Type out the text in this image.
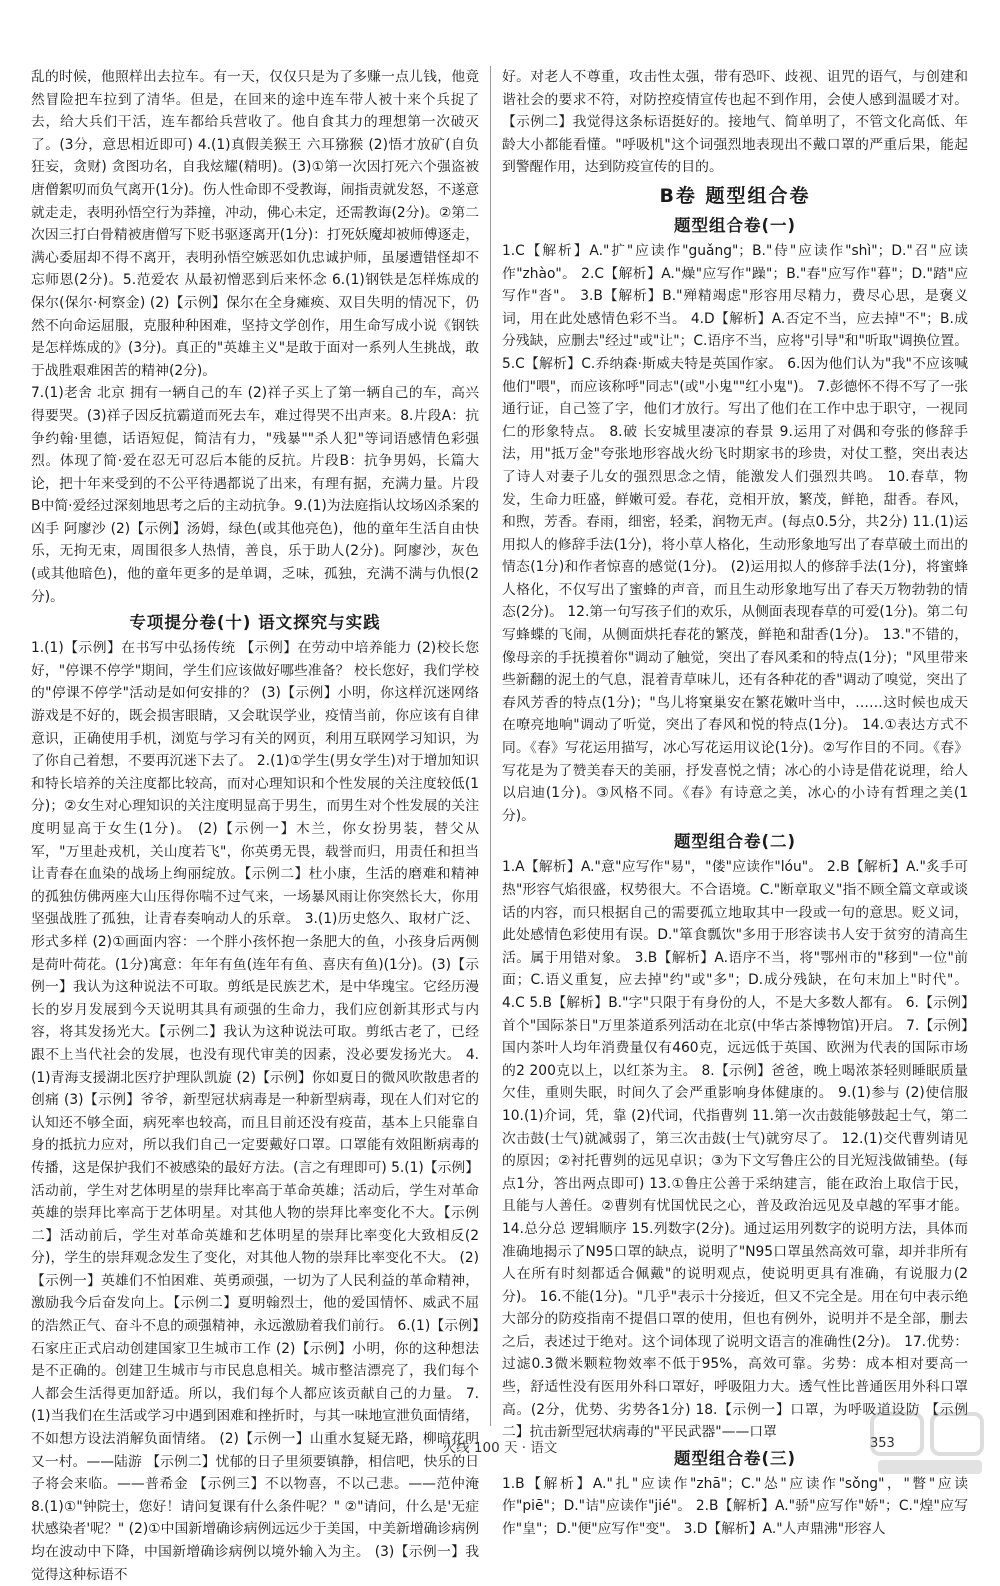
乱的时候，他照样出去拉车。有一天，仅仅只是为了多赚一点儿钱，他竟然冒险把车拉到了清华。但是，在回来的途中连车带人被十来个兵捉了去，给大兵们干活，连车都给兵营收了。他自食其力的理想第一次破灭了。(3分，意思相近即可) 4.(1)真假美猴王 六耳猕猴 (2)悟才放矿(自负狂妄，贪财) 贪图功名，自我炫耀(精明)。(3)①第一次因打死六个强盗被唐僧絮叨而负气离开(1分)。伤人性命即不受教诲，闹指责就发怒，不遂意就走走，表明孙悟空行为莽撞，冲动，佛心未定，还需教诲(2分)。②第二次因三打白骨精被唐僧写下贬书驱逐离开(1分)：打死妖魔却被师傅逐走，满心委屈却不得不离开，表明孙悟空嫉恶如仇忠诚护师，虽屡遭错怪却不忘师恩(2分)。5.范爱农 从最初憎恶到后来怀念 6.(1)钢铁是怎样炼成的 保尔(保尔·柯察金) (2)【示例】保尔在全身瘫痪、双目失明的情况下，仍然不向命运屈服，克服种种困难，坚持文学创作，用生命写成小说《钢铁是怎样炼成的》(3分)。真正的"英雄主义"是敢于面对一系列人生挑战，敢于战胜艰难困苦的精神(2分)。

7.(1)老舍 北京 拥有一辆自己的车 (2)祥子买上了第一辆自己的车，高兴得要哭。(3)祥子因反抗霸道而死去车，难过得哭不出声来。8.片段A：抗争约翰·里德，话语短促，简洁有力，"残暴""杀人犯"等词语感情色彩强烈。体现了简·爱在忍无可忍后本能的反抗。片段B：抗争男妈，长篇大论，把十年来受到的不公平待遇都说了出来，有理有据，充满力量。片段B中简·爱经过深刻地思考之后的主动抗争。9.(1)为法庭指认坟场凶杀案的凶手 阿廖沙 (2)【示例】汤姆，绿色(或其他亮色)，他的童年生活自由快乐，无拘无束，周围很多人热情，善良，乐于助人(2分)。阿廖沙，灰色(或其他暗色)，他的童年更多的是单调，乏味，孤独，充满不满与仇恨(2分)。

专项提分卷(十) 语文探究与实践

1.(1)【示例】在书写中弘扬传统 【示例】在劳动中培养能力 (2)校长您好，"停课不停学"期间，学生们应该做好哪些准备？ 校长您好，我们学校的"停课不停学"活动是如何安排的？ (3)【示例】小明，你这样沉迷网络游戏是不好的，既会损害眼睛，又会耽误学业，疫情当前，你应该有自律意识，正确使用手机，浏览与学习有关的网页，利用互联网学习知识，为了你自己着想，不要再沉迷下去了。 2.(1)①学生(男女学生)对于增加知识和特长培养的关注度都比较高，而对心理知识和个性发展的关注度较低(1分)；②女生对心理知识的关注度明显高于男生，而男生对个性发展的关注度明显高于女生(1分)。 (2)【示例一】木兰，你女扮男装，替父从军，"万里赴戎机，关山度若飞"，你英勇无畏，载誉而归，用责任和担当让青春在血染的战场上绚丽绽放。【示例二】杜小康，生活的磨难和精神的孤独仿佛两座大山压得你喘不过气来，一场暴风雨让你突然长大，你用坚强战胜了孤独，让青春奏响动人的乐章。 3.(1)历史悠久、取材广泛、形式多样 (2)①画面内容：一个胖小孩怀抱一条肥大的鱼，小孩身后两侧是荷叶荷花。(1分)寓意：年年有鱼(连年有鱼、喜庆有鱼)(1分)。(3)【示例一】我认为这种说法不可取。剪纸是民族艺术，是中华瑰宝。它经历漫长的岁月发展到今天说明其具有顽强的生命力，我们应创新其形式与内容，将其发扬光大。【示例二】我认为这种说法可取。剪纸古老了，已经跟不上当代社会的发展，也没有现代审美的因素，没必要发扬光大。 4.(1)青海支援湖北医疗护理队凯旋 (2)【示例】你如夏日的微风吹散患者的创痛 (3)【示例】爷爷，新型冠状病毒是一种新型病毒，现在人们对它的认知还不够全面，病死率也较高，而且目前还没有疫苗，基本上只能靠自身的抵抗力应对，所以我们自己一定要戴好口罩。口罩能有效阻断病毒的传播，这是保护我们不被感染的最好方法。(言之有理即可) 5.(1)【示例】活动前，学生对艺体明星的崇拜比率高于革命英雄；活动后，学生对革命英雄的崇拜比率高于艺体明星。对其他人物的崇拜比率变化不大。【示例二】活动前后，学生对革命英雄和艺体明星的崇拜比率变化大致相反(2分)，学生的崇拜观念发生了变化，对其他人物的崇拜比率变化不大。 (2)【示例一】英雄们不怕困难、英勇顽强，一切为了人民利益的革命精神，激励我今后奋发向上。【示例二】夏明翰烈士，他的爱国情怀、威武不屈的浩然正气、奋斗不息的顽强精神，永远激励着我们前行。 6.(1)【示例】石家庄正式启动创建国家卫生城市工作 (2)【示例】小明，你的这种想法是不正确的。创建卫生城市与市民息息相关。城市整洁漂亮了，我们每个人都会生活得更加舒适。所以，我们每个人都应该贡献自己的力量。 7.(1)当我们在生活或学习中遇到困难和挫折时，与其一味地宣泄负面情绪，不如想方设法消解负面情绪。 (2)【示例一】山重水复疑无路，柳暗花明又一村。——陆游 【示例二】忧郁的日子里须要镇静，相信吧，快乐的日子将会来临。——普希金 【示例三】不以物喜，不以己悲。——范仲淹 8.(1)①"钟院士，您好！请问复课有什么条件呢？" ②"请问，什么是'无症状感染者'呢？" (2)①中国新增确诊病例远远少于美国，中美新增确诊病例均在波动中下降，中国新增确诊病例以境外输入为主。 (3)【示例一】我觉得这种标语不

好。对老人不尊重，攻击性太强，带有恐吓、歧视、诅咒的语气，与创建和谐社会的要求不符，对防控疫情宣传也起不到作用，会使人感到温暖才对。【示例二】我觉得这条标语挺好的。接地气、简单明了，不管文化高低、年龄大小都能看懂。"呼吸机"这个词强烈地表现出不戴口罩的严重后果，能起到警醒作用，达到防疫宣传的目的。

B卷 题型组合卷
题型组合卷(一)

1.C【解析】A."扩"应读作"guǎng"；B."侍"应读作"shì"；D."召"应读作"zhào"。 2.C【解析】A."燥"应写作"躁"；B."春"应写作"暮"；D."踏"应写作"沓"。 3.B【解析】B."殚精竭虑"形容用尽精力，费尽心思，是褒义词，用在此处感情色彩不当。 4.D【解析】A.否定不当，应去掉"不"；B.成分残缺，应删去"经过"或"让"；C.语序不当，应将"引导"和"听取"调换位置。 5.C【解析】C.乔纳森·斯威夫特是英国作家。 6.因为他们认为"我"不应该喊他们"喂"，而应该称呼"同志"(或"小鬼""红小鬼")。 7.彭德怀不得不写了一张通行证，自己签了字，他们才放行。写出了他们在工作中忠于职守，一视同仁的形象特点。 8.破 长安城里凄凉的春景 9.运用了对偶和夸张的修辞手法，用"抵万金"夸张地形容战火纷飞时期家书的珍贵，对仗工整，突出表达了诗人对妻子儿女的强烈思念之情，能激发人们强烈共鸣。 10.春草，物发，生命力旺盛，鲜嫩可爱。春花，竞相开放，繁茂，鲜艳，甜香。春风，和煦，芳香。春雨，细密，轻柔，润物无声。(每点0.5分，共2分) 11.(1)运用拟人的修辞手法(1分)，将小草人格化，生动形象地写出了春草破土而出的情态(1分)和作者惊喜的感觉(1分)。 (2)运用拟人的修辞手法(1分)，将蜜蜂人格化，不仅写出了蜜蜂的声音，而且生动形象地写出了春天万物勃勃的情态(2分)。 12.第一句写孩子们的欢乐，从侧面表现春草的可爱(1分)。第二句写蜂蝶的飞闹，从侧面烘托春花的繁茂，鲜艳和甜香(1分)。 13."不错的，像母亲的手抚摸着你"调动了触觉，突出了春风柔和的特点(1分)；"风里带来些新翻的泥土的气息，混着青草味儿，还有各种花的香"调动了嗅觉，突出了春风芳香的特点(1分)；"鸟儿将窠巢安在繁花嫩叶当中，……这时候也成天在嘹亮地响"调动了听觉，突出了春风和悦的特点(1分)。 14.①表达方式不同。《春》写花运用描写，冰心写花运用议论(1分)。②写作目的不同。《春》写花是为了赞美春天的美丽，抒发喜悦之情；冰心的小诗是借花说理，给人以启迪(1分)。③风格不同。《春》有诗意之美，冰心的小诗有哲理之美(1分)。

题型组合卷(二)

1.A【解析】A."意"应写作"易"，"偻"应读作"lóu"。 2.B【解析】A."炙手可热"形容气焰很盛，权势很大。不合语境。C."断章取义"指不顾全篇文章或谈话的内容，而只根据自己的需要孤立地取其中一段或一句的意思。贬义词，此处感情色彩使用有误。D."箪食瓢饮"多用于形容读书人安于贫穷的清高生活。属于用错对象。 3.B【解析】A.语序不当，将"鄂州市的"移到"一位"前面；C.语义重复，应去掉"约"或"多"；D.成分残缺，在句末加上"时代"。 4.C 5.B【解析】B."字"只限于有身份的人，不是大多数人都有。 6.【示例】首个"国际茶日"万里茶道系列活动在北京(中华古茶博物馆)开启。 7.【示例】国内茶叶人均年消费量仅有460克，远远低于英国、欧洲为代表的国际市场的2 200克以上，以红茶为主。 8.【示例】爸爸，晚上喝浓茶轻则睡眠质量欠佳，重则失眠，时间久了会严重影响身体健康的。 9.(1)参与 (2)使信服 10.(1)介词，凭，靠 (2)代词，代指曹刿 11.第一次击鼓能够鼓起士气，第二次击鼓(士气)就减弱了，第三次击鼓(士气)就穷尽了。 12.(1)交代曹刿请见的原因；②衬托曹刿的远见卓识；③为下文写鲁庄公的目光短浅做铺垫。(每点1分，答出两点即可) 13.①鲁庄公善于采纳建言，能在政治上取信于民，且能与人善任。②曹刿有忧国忧民之心，普及政治远见及卓越的军事才能。 14.总分总 逻辑顺序 15.列数字(2分)。通过运用列数字的说明方法，具体而准确地揭示了N95口罩的缺点，说明了"N95口罩虽然高效可靠，却并非所有人在所有时刻都适合佩戴"的说明观点，使说明更具有准确，有说服力(2分)。 16.不能(1分)。"几乎"表示十分接近，但又不完全是。用在句中表示绝大部分的防疫指南不提倡口罩的使用，但也有例外，说明并不是全部，删去之后，表述过于绝对。这个词体现了说明文语言的准确性(2分)。 17.优势：过滤0.3微米颗粒物效率不低于95%，高效可靠。劣势：成本相对要高一些，舒适性没有医用外科口罩好，呼吸阻力大。透气性比普通医用外科口罩高。(2分，优势、劣势各1分) 18.【示例一】口罩，为呼吸道设防 【示例二】抗击新型冠状病毒的"平民武器"——口罩

题型组合卷(三)

1.B【解析】A."扎"应读作"zhā"；C."怂"应读作"sǒng"，"瞥"应读作"piē"；D."诘"应读作"jié"。 2.B【解析】A."骄"应写作"娇"；C."煌"应写作"皇"；D."便"应写作"变"。 3.D【解析】A."人声鼎沸"形容人

火线 100 天 · 语文	353
